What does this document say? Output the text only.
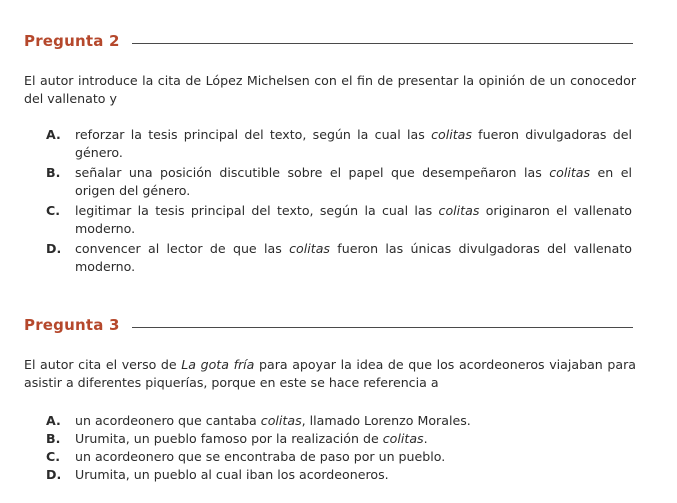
Pregunta 2
El autor introduce la cita de López Michelsen con el fin de presentar la opinión de un conocedor del vallenato y
A. reforzar la tesis principal del texto, según la cual las colitas fueron divulgadoras del género.
B. señalar una posición discutible sobre el papel que desempeñaron las colitas en el origen del género.
C. legitimar la tesis principal del texto, según la cual las colitas originaron el vallenato moderno.
D. convencer al lector de que las colitas fueron las únicas divulgadoras del vallenato moderno.
Pregunta 3
El autor cita el verso de La gota fría para apoyar la idea de que los acordeoneros viajaban para asistir a diferentes piquerías, porque en este se hace referencia a
A. un acordeonero que cantaba colitas, llamado Lorenzo Morales.
B. Urumita, un pueblo famoso por la realización de colitas.
C. un acordeonero que se encontraba de paso por un pueblo.
D. Urumita, un pueblo al cual iban los acordeoneros.
